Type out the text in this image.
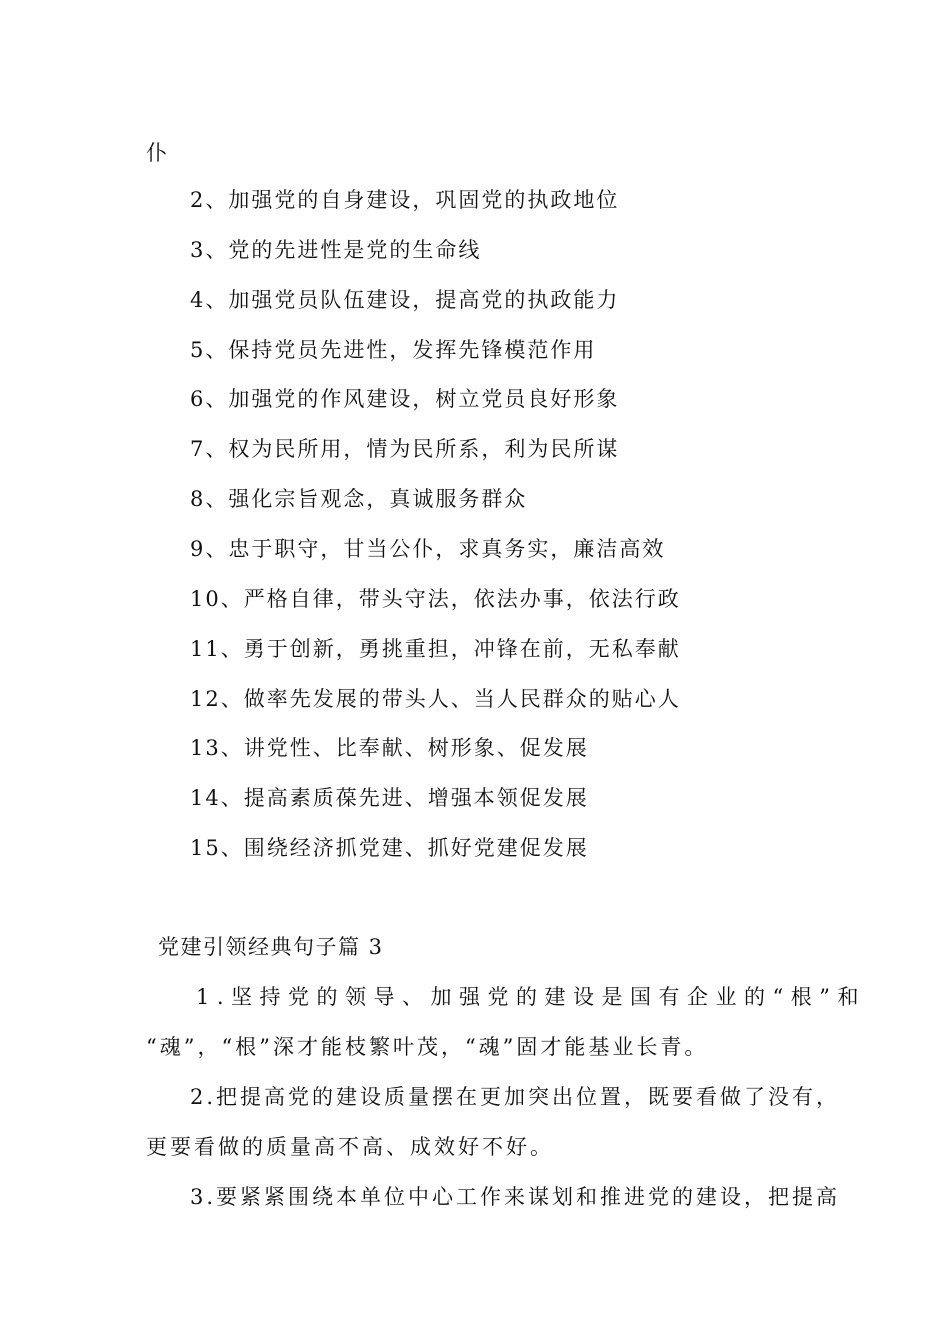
仆
2、加强党的自身建设，巩固党的执政地位
3、党的先进性是党的生命线
4、加强党员队伍建设，提高党的执政能力
5、保持党员先进性，发挥先锋模范作用
6、加强党的作风建设，树立党员良好形象
7、权为民所用，情为民所系，利为民所谋
8、强化宗旨观念，真诚服务群众
9、忠于职守，甘当公仆，求真务实，廉洁高效
10、严格自律，带头守法，依法办事，依法行政
11、勇于创新，勇挑重担，冲锋在前，无私奉献
12、做率先发展的带头人、当人民群众的贴心人
13、讲党性、比奉献、树形象、促发展
14、提高素质葆先进、增强本领促发展
15、围绕经济抓党建、抓好党建促发展
党建引领经典句子篇 3
1.坚持党的领导、加强党的建设是国有企业的“根”和
“魂”，“根”深才能枝繁叶茂，“魂”固才能基业长青。
2.把提高党的建设质量摆在更加突出位置，既要看做了没有，
更要看做的质量高不高、成效好不好。
3.要紧紧围绕本单位中心工作来谋划和推进党的建设，把提高
